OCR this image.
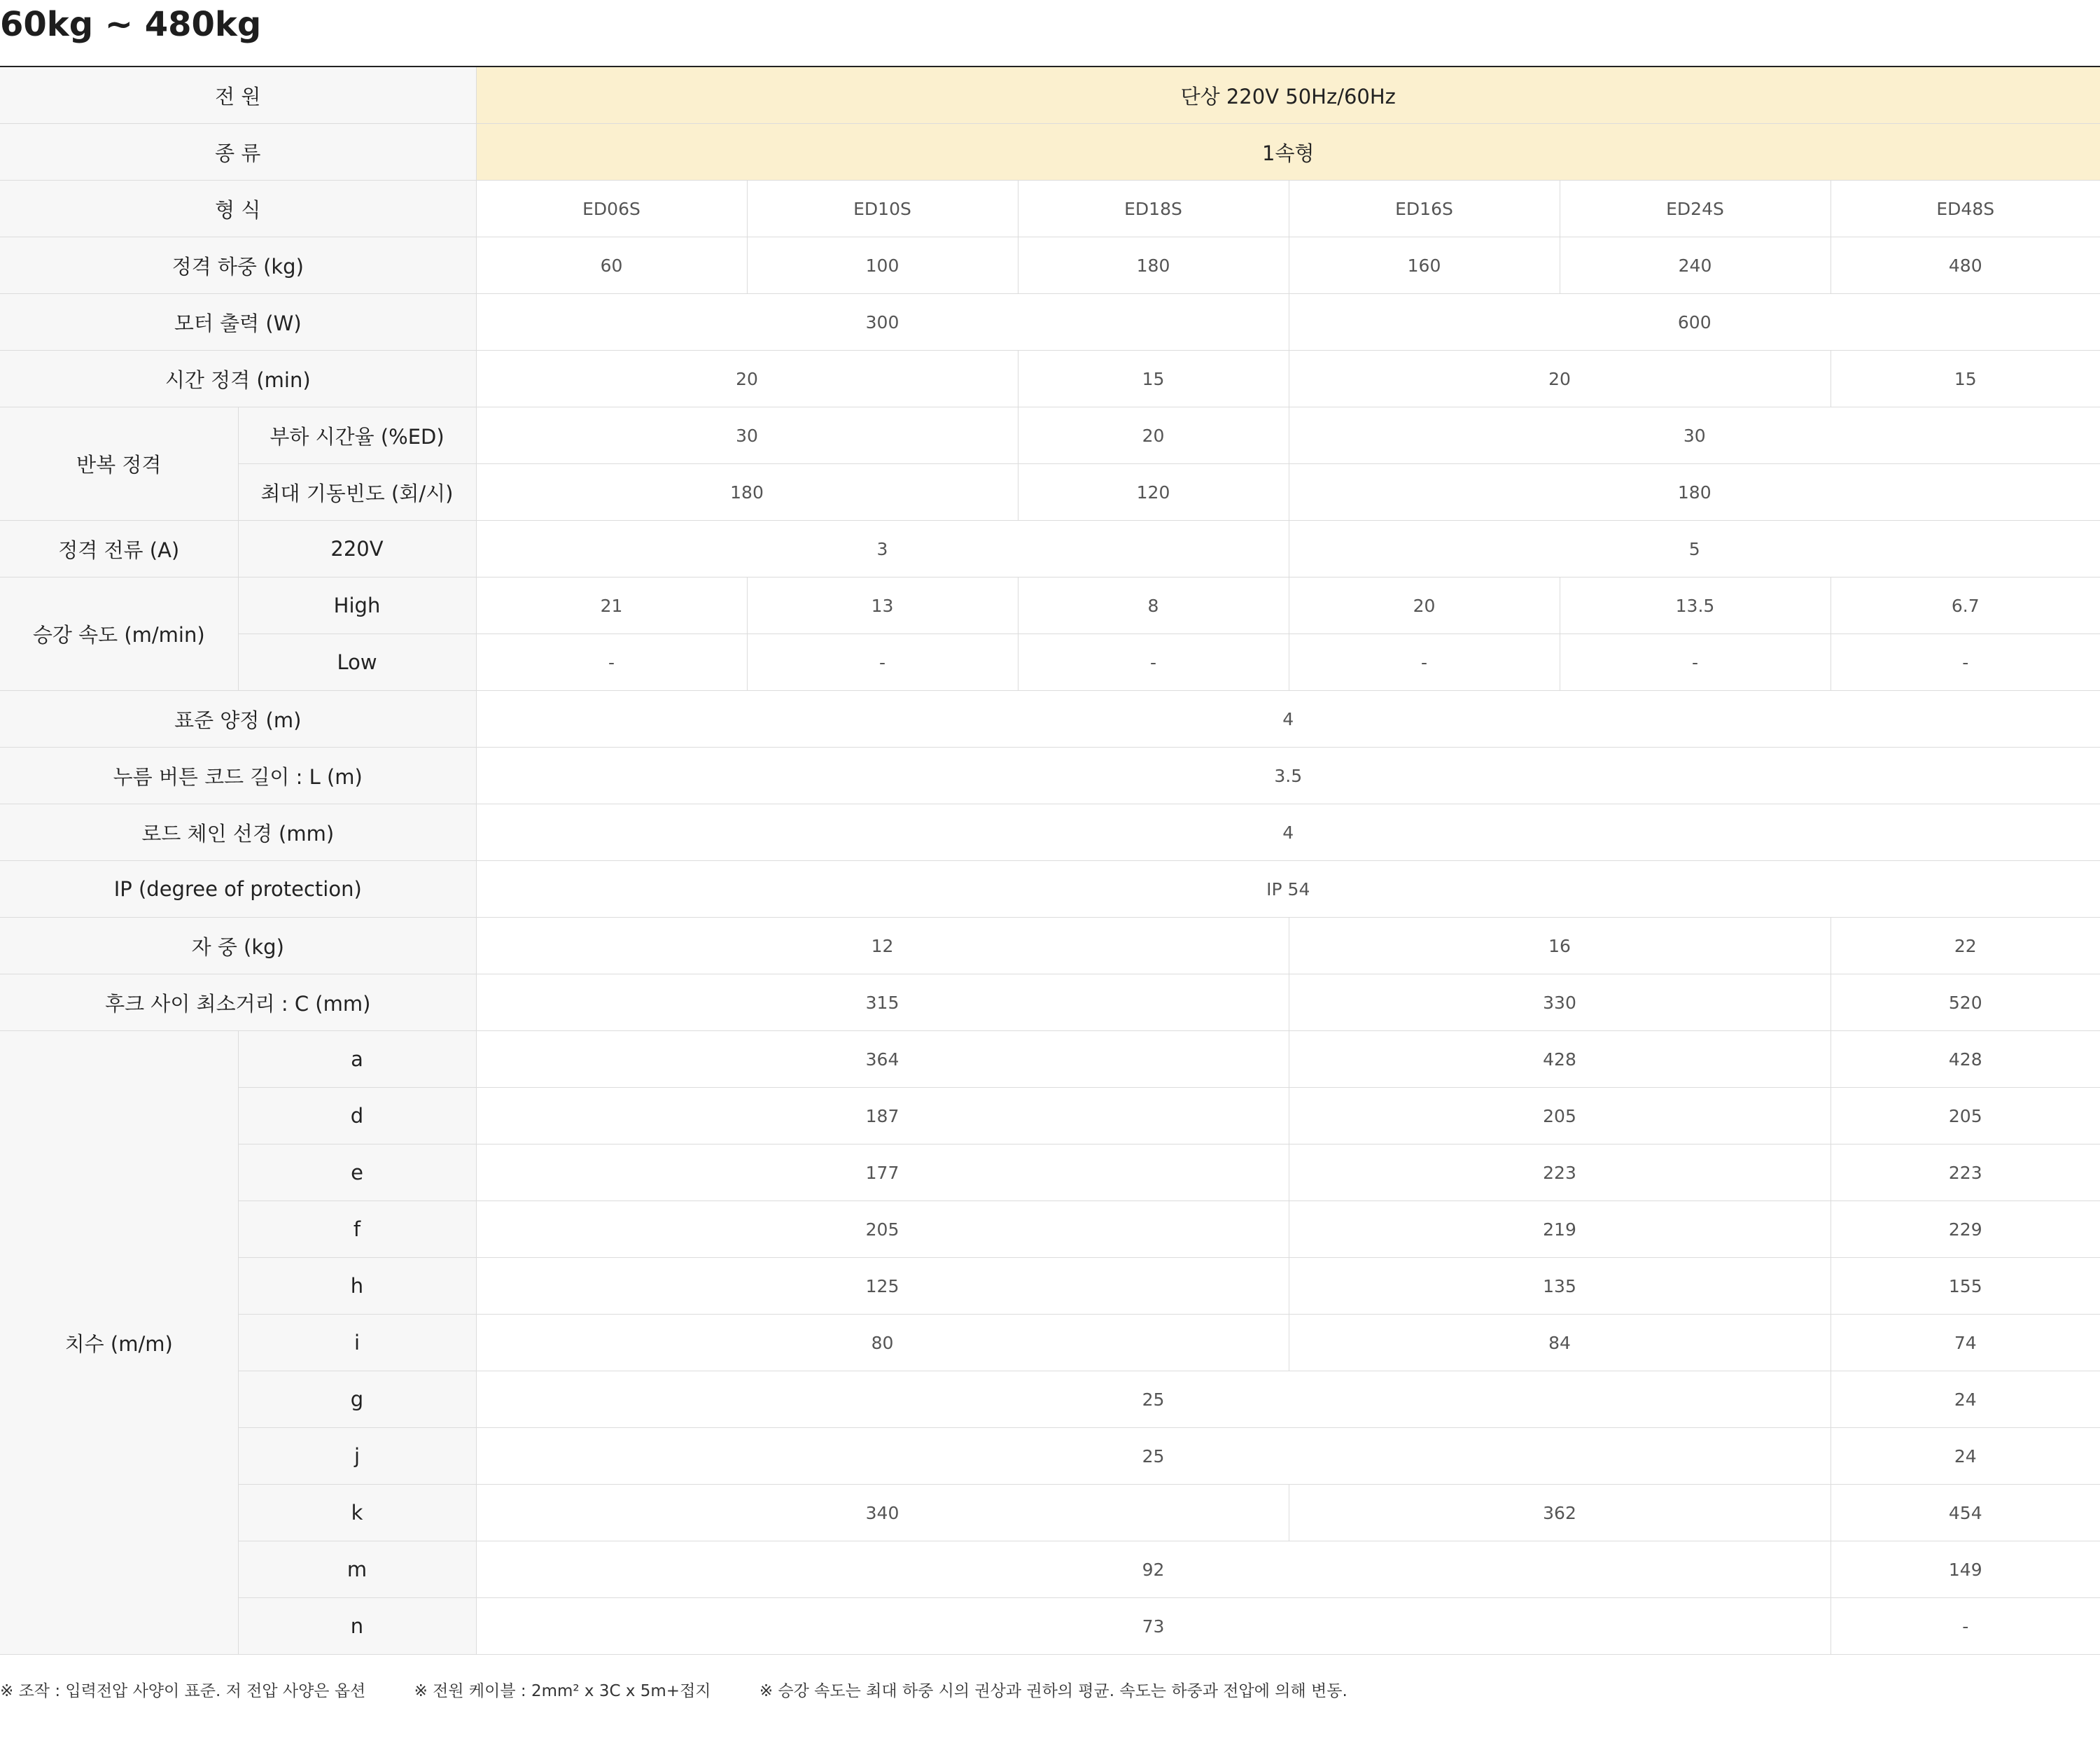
60kg ~ 480kg
전 원		단상 220V 50Hz/60Hz					
종 류		1속형					
형 식		ED06S	ED10S	ED18S	ED16S	ED24S	ED48S
정격 하중 (kg)		60	100	180	160	240	480
모터 출력 (W)		300			600		
시간 정격 (min)		20		15	20		15
반복 정격	부하 시간율 (%ED)	30		20	30		
	최대 기동빈도 (회/시)	180		120	180		
정격 전류 (A)	220V	3			5		
승강 속도 (m/min)	High	21	13	8	20	13.5	6.7
	Low	-	-	-	-	-	-
표준 양정 (m)		4					
누름 버튼 코드 길이 : L (m)		3.5					
로드 체인 선경 (mm)		4					
IP (degree of protection)		IP 54					
자 중 (kg)		12			16		22
후크 사이 최소거리 : C (mm)		315			330		520
치수 (m/m)	a	364			428		428
	d	187			205		205
	e	177			223		223
	f	205			219		229
	h	125			135		155
	i	80			84		74
	g	25					24
	j	25					24
	k	340			362		454
	m	92					149
	n	73					-
※ 조작 : 입력전압 사양이 표준. 저 전압 사양은 옵션	※ 전원 케이블 : 2mm² x 3C x 5m+접지	※ 승강 속도는 최대 하중 시의 권상과 권하의 평균. 속도는 하중과 전압에 의해 변동.
